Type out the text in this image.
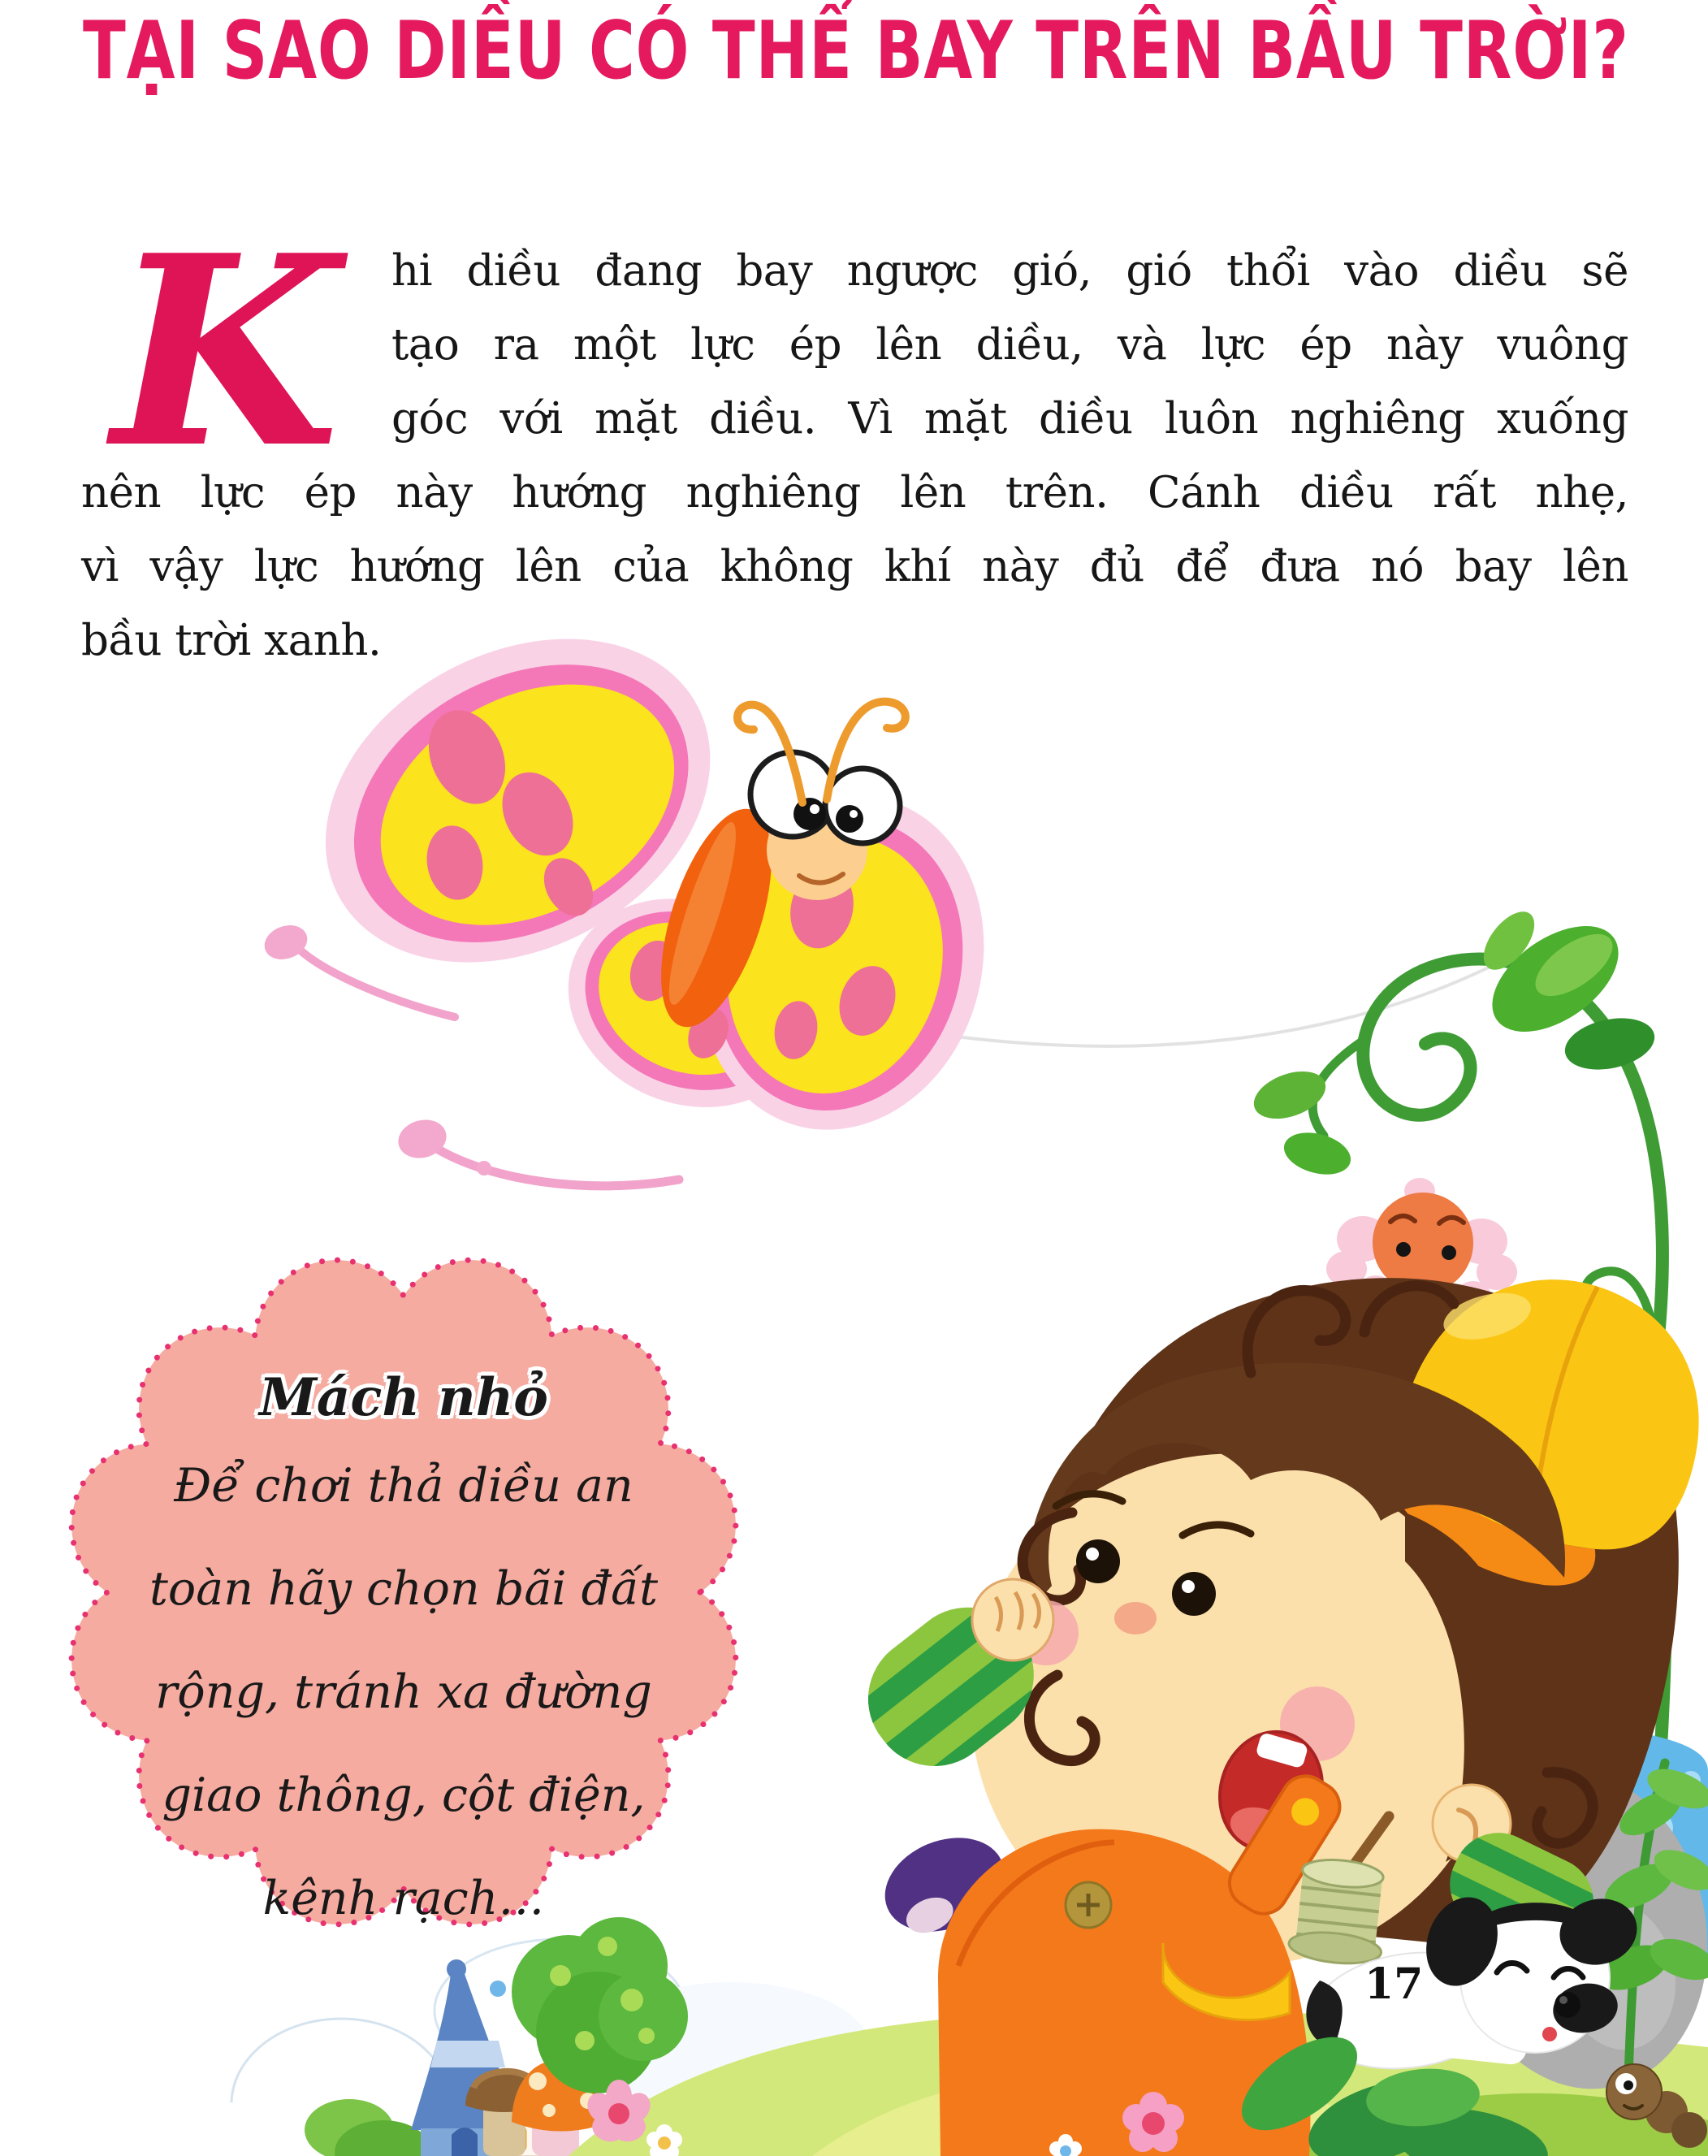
TẠI SAO DIỀU CÓ THỂ BAY TRÊN BẦU TRỜI?
K	hi diều đang bay ngược gió, gió thổi vào diều sẽ
tạo ra một lực ép lên diều, và lực ép này vuông
góc với mặt diều. Vì mặt diều luôn nghiêng xuống
nên lực ép này hướng nghiêng lên trên. Cánh diều rất nhẹ,
vì vậy lực hướng lên của không khí này đủ để đưa nó bay lên
bầu trời xanh.
Mách nhỏ
Để chơi thả diều an
toàn hãy chọn bãi đất
rộng, tránh xa đường
giao thông, cột điện,
kênh rạch…
17
